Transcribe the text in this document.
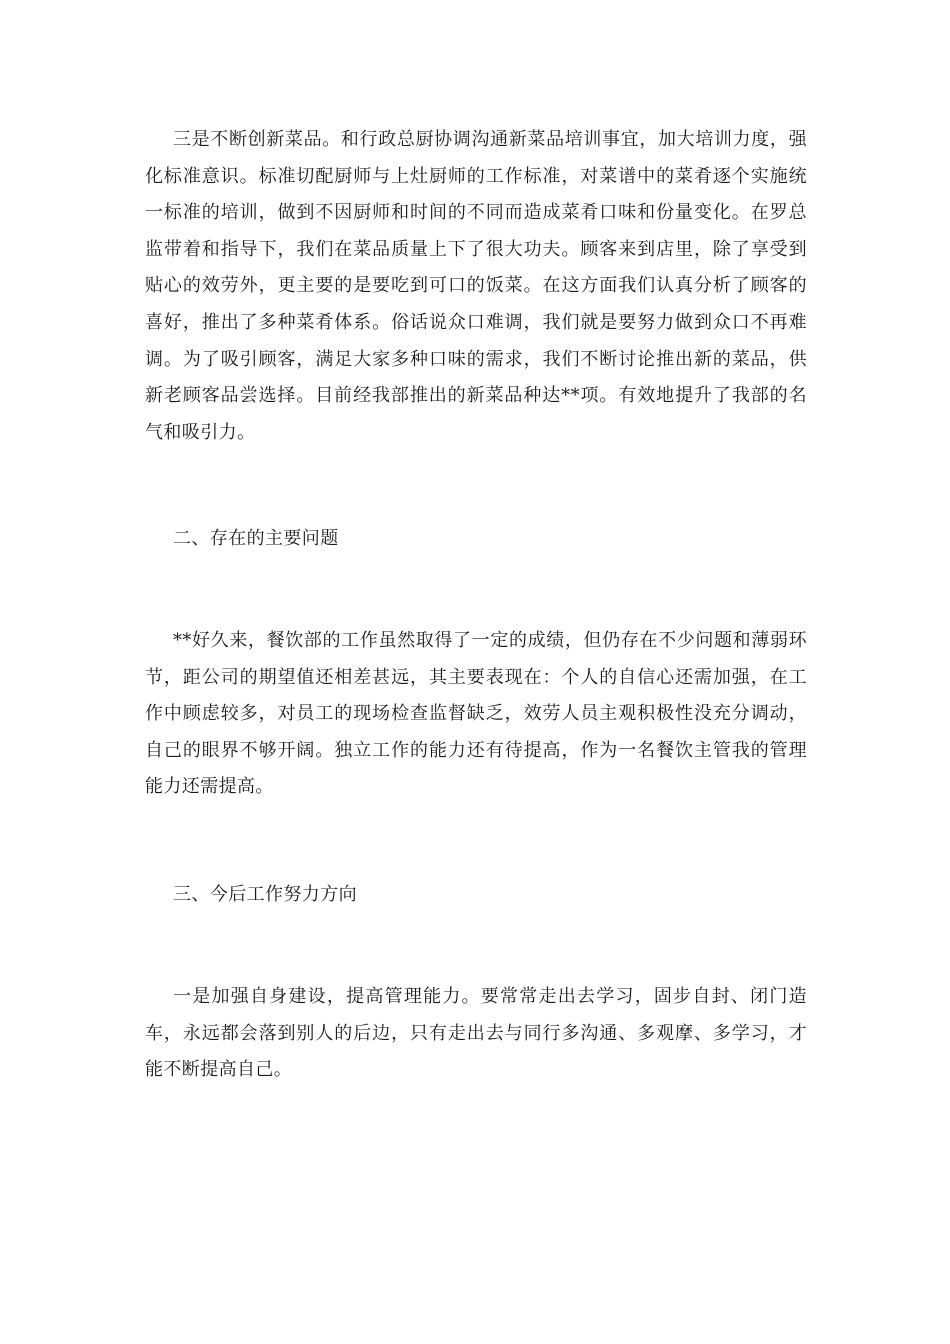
三是不断创新菜品。和行政总厨协调沟通新菜品培训事宜，加大培训力度，强化标准意识。标准切配厨师与上灶厨师的工作标准，对菜谱中的菜肴逐个实施统一标准的培训，做到不因厨师和时间的不同而造成菜肴口味和份量变化。在罗总监带着和指导下，我们在菜品质量上下了很大功夫。顾客来到店里，除了享受到贴心的效劳外，更主要的是要吃到可口的饭菜。在这方面我们认真分析了顾客的喜好，推出了多种菜肴体系。俗话说众口难调，我们就是要努力做到众口不再难调。为了吸引顾客，满足大家多种口味的需求，我们不断讨论推出新的菜品，供新老顾客品尝选择。目前经我部推出的新菜品种达**项。有效地提升了我部的名气和吸引力。

二、存在的主要问题

**好久来，餐饮部的工作虽然取得了一定的成绩，但仍存在不少问题和薄弱环节，距公司的期望值还相差甚远，其主要表现在：个人的自信心还需加强，在工作中顾虑较多，对员工的现场检查监督缺乏，效劳人员主观积极性没充分调动，自己的眼界不够开阔。独立工作的能力还有待提高，作为一名餐饮主管我的管理能力还需提高。

三、今后工作努力方向

一是加强自身建设，提高管理能力。要常常走出去学习，固步自封、闭门造车，永远都会落到别人的后边，只有走出去与同行多沟通、多观摩、多学习，才能不断提高自己。
